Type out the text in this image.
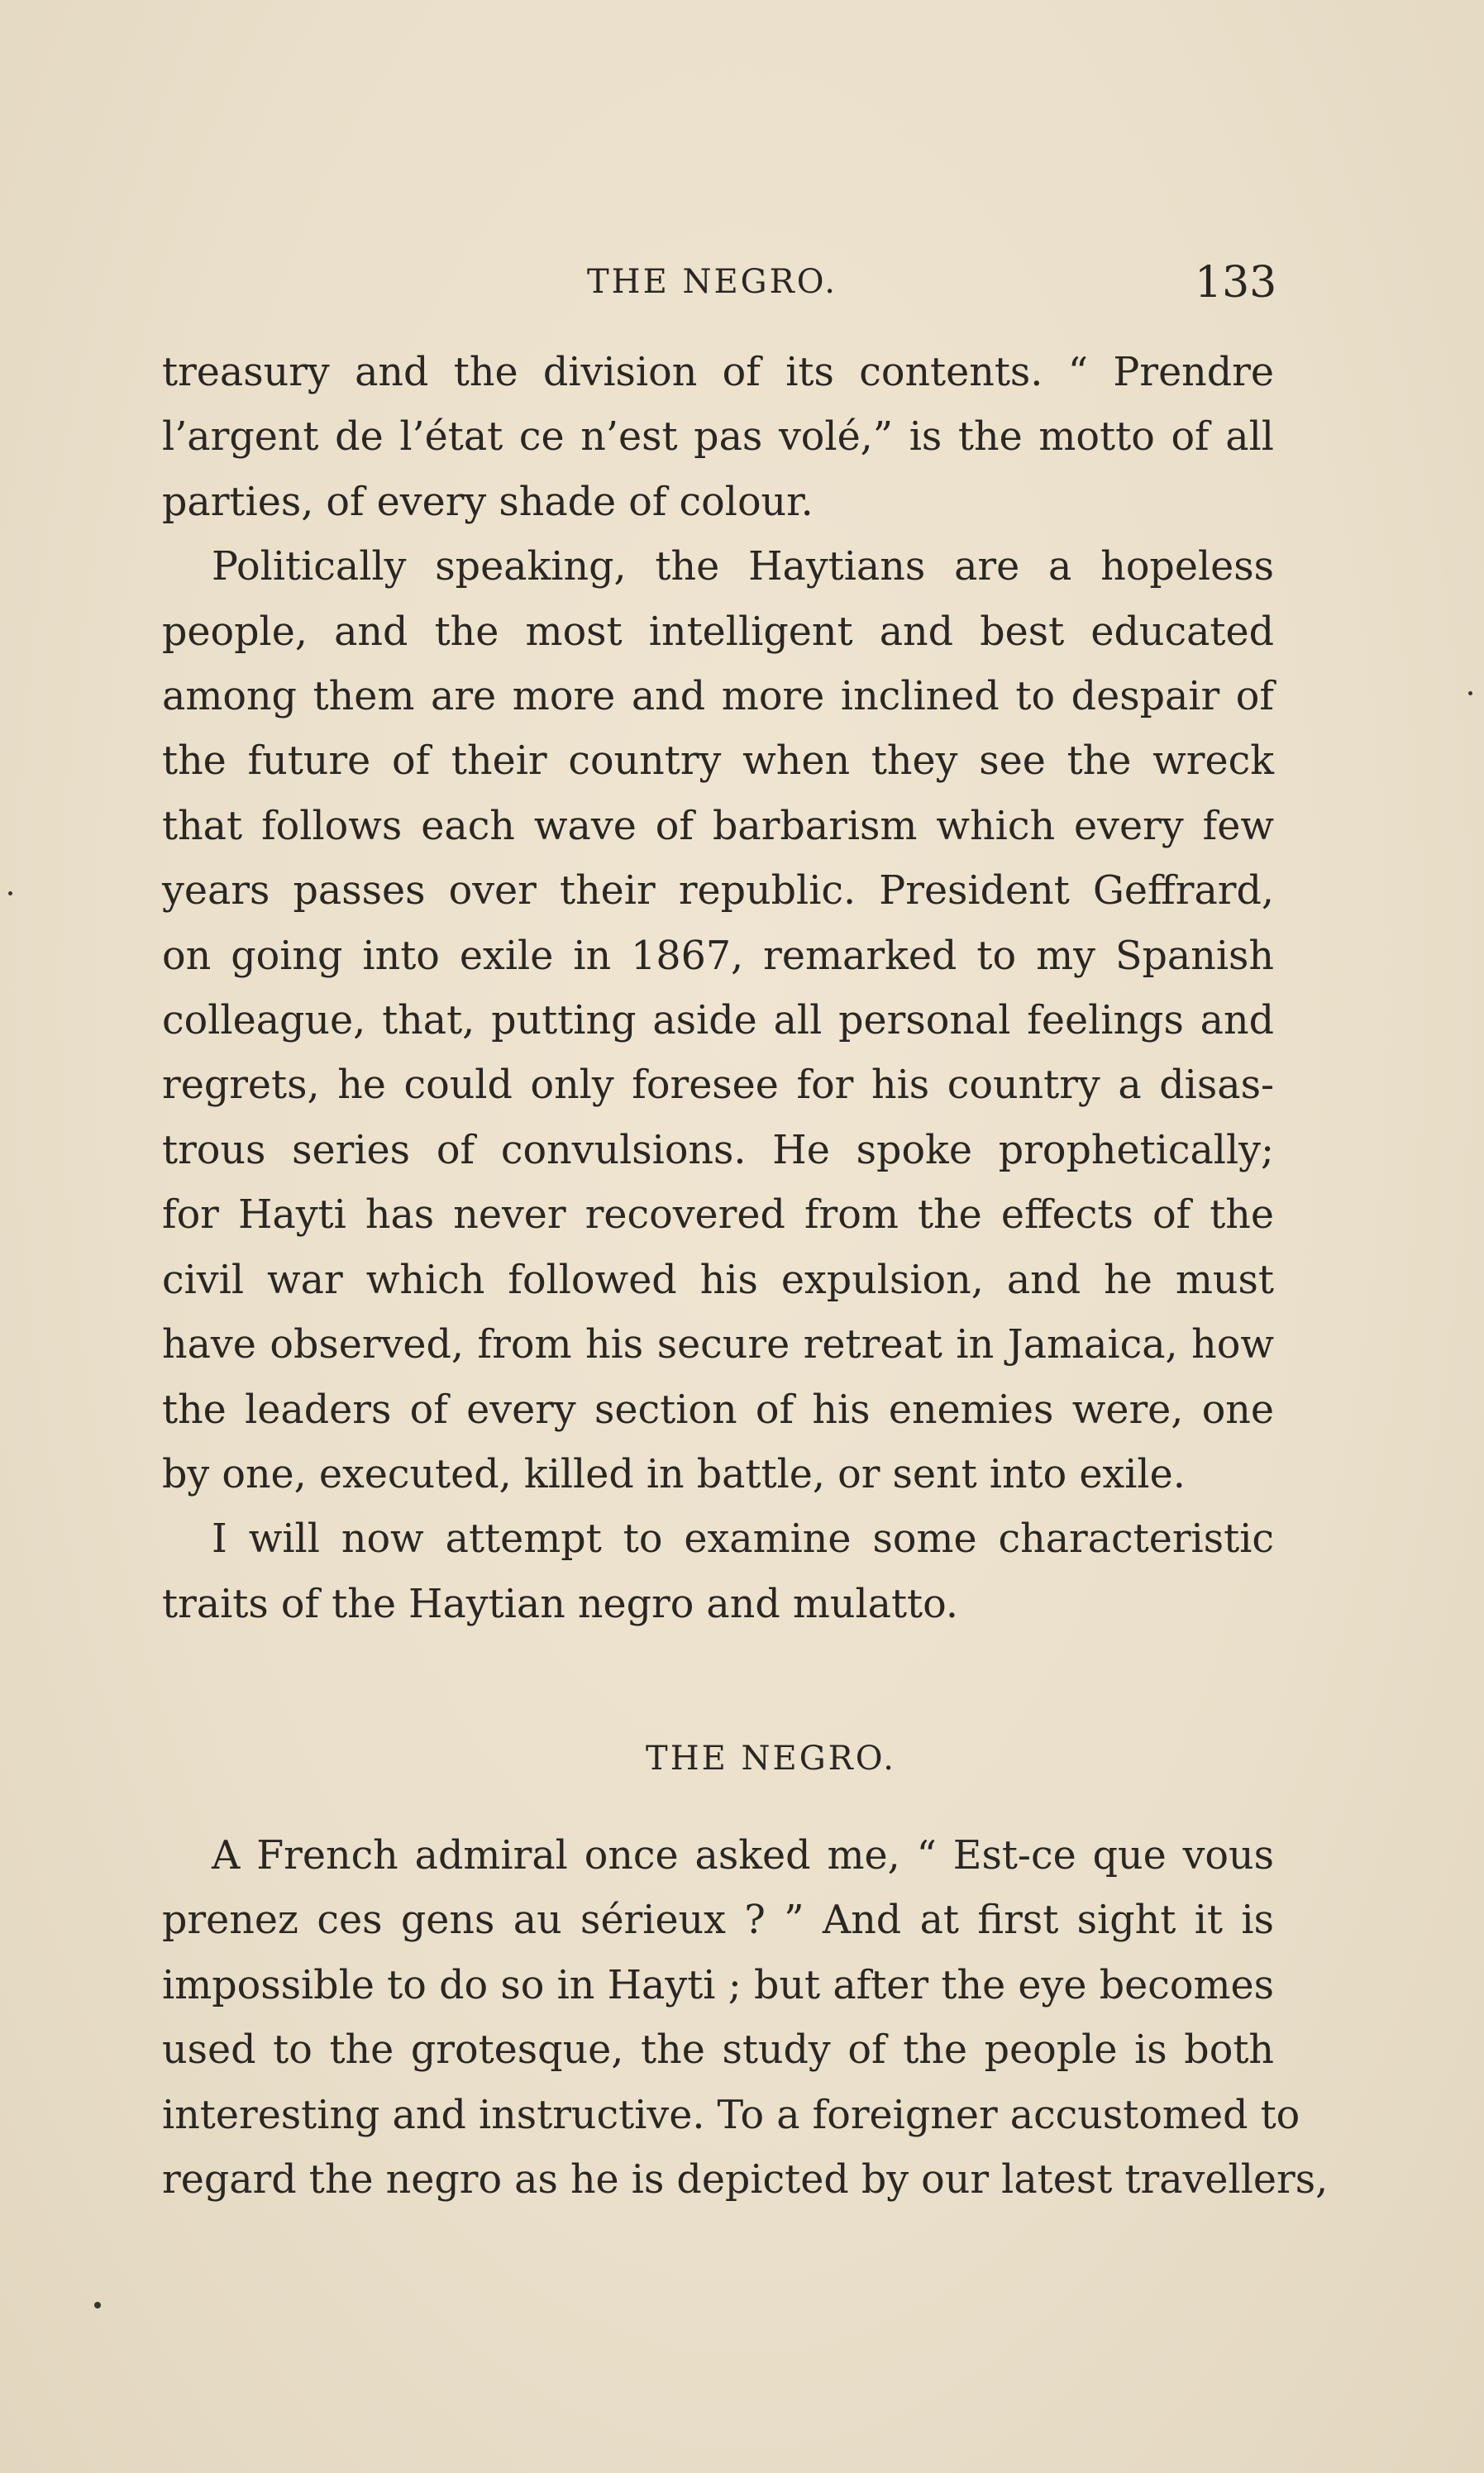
THE NEGRO.	133

treasury and the division of its contents. “ Prendre
l’argent de l’état ce n’est pas volé,” is the motto of all
parties, of every shade of colour.

Politically speaking, the Haytians are a hopeless
people, and the most intelligent and best educated
among them are more and more inclined to despair of
the future of their country when they see the wreck
that follows each wave of barbarism which every few
years passes over their republic. President Geffrard,
on going into exile in 1867, remarked to my Spanish
colleague, that, putting aside all personal feelings and
regrets, he could only foresee for his country a disas-
trous series of convulsions. He spoke prophetically;
for Hayti has never recovered from the effects of the
civil war which followed his expulsion, and he must
have observed, from his secure retreat in Jamaica, how
the leaders of every section of his enemies were, one
by one, executed, killed in battle, or sent into exile.

I will now attempt to examine some characteristic
traits of the Haytian negro and mulatto.

THE NEGRO.

A French admiral once asked me, “ Est-ce que vous
prenez ces gens au sérieux ? ” And at first sight it is
impossible to do so in Hayti ; but after the eye becomes
used to the grotesque, the study of the people is both
interesting and instructive. To a foreigner accustomed to
regard the negro as he is depicted by our latest travellers,
